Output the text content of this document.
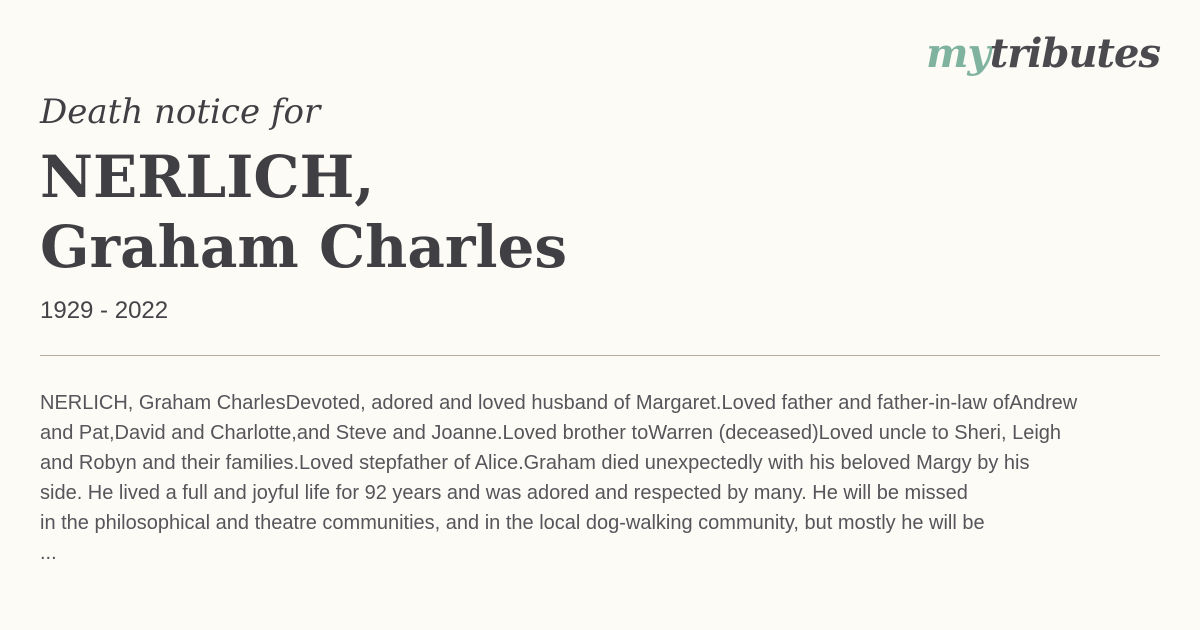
mytributes

Death notice for

NERLICH,
Graham Charles
1929 - 2022
NERLICH, Graham CharlesDevoted, adored and loved husband of Margaret.Loved father and father-in-law ofAndrew
and Pat,David and Charlotte,and Steve and Joanne.Loved brother toWarren (deceased)Loved uncle to Sheri, Leigh
and Robyn and their families.Loved stepfather of Alice.Graham died unexpectedly with his beloved Margy by his
side. He lived a full and joyful life for 92 years and was adored and respected by many. He will be missed
in the philosophical and theatre communities, and in the local dog-walking community, but mostly he will be
...
